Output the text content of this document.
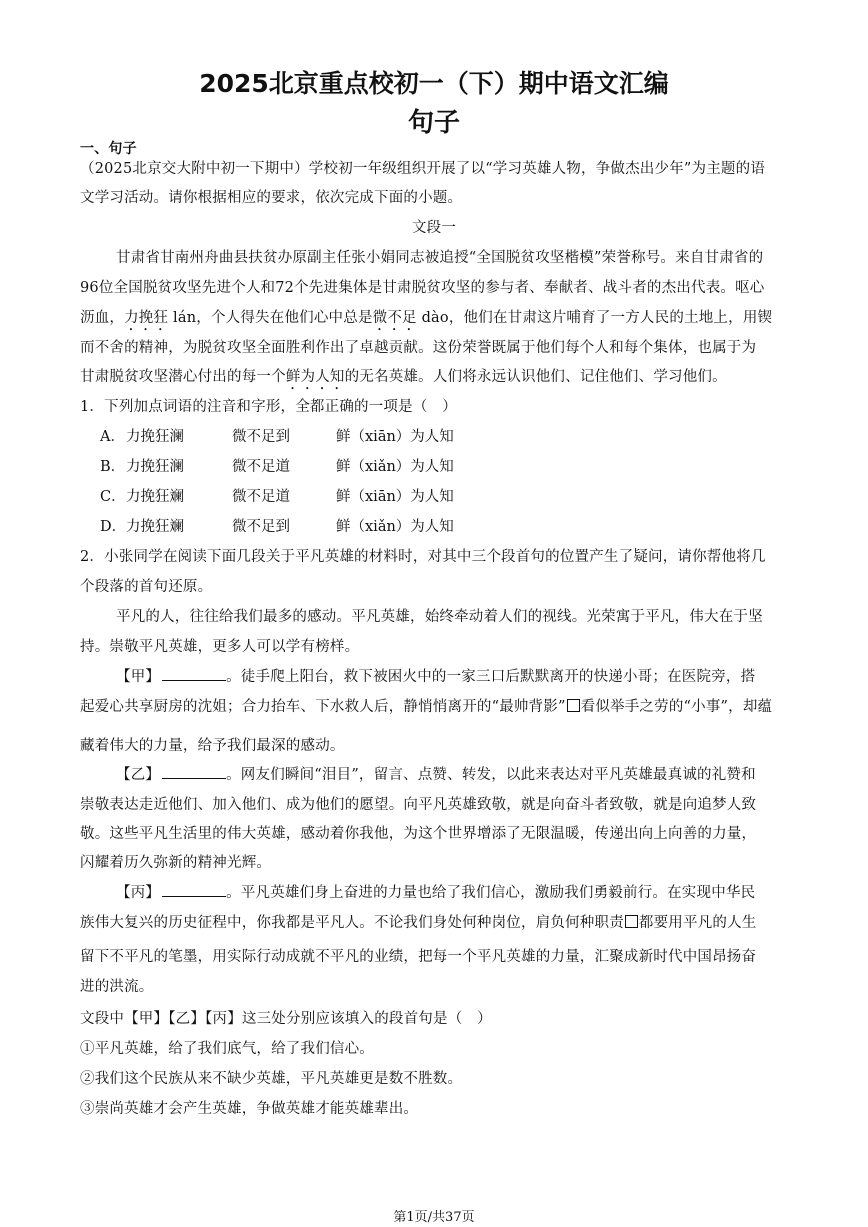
2025北京重点校初一（下）期中语文汇编
句子
一、句子
（2025北京交大附中初一下期中）学校初一年级组织开展了以“学习英雄人物，争做杰出少年”为主题的语
文学习活动。请你根据相应的要求，依次完成下面的小题。
文段一
甘肃省甘南州舟曲县扶贫办原副主任张小娟同志被追授“全国脱贫攻坚楷模”荣誉称号。来自甘肃省的
96位全国脱贫攻坚先进个人和72个先进集体是甘肃脱贫攻坚的参与者、奉献者、战斗者的杰出代表。呕心
沥血，力挽狂 lán，个人得失在他们心中总是微不足 dào，他们在甘肃这片哺育了一方人民的土地上，用锲
而不舍的精神，为脱贫攻坚全面胜利作出了卓越贡献。这份荣誉既属于他们每个人和每个集体，也属于为
甘肃脱贫攻坚潜心付出的每一个鲜为人知的无名英雄。人们将永远认识他们、记住他们、学习他们。
1．下列加点词语的注音和字形，全都正确的一项是（　）
A． 力挽狂澜	微不足到	鲜（xiān）为人知
B． 力挽狂澜	微不足道	鲜（xiǎn）为人知
C． 力挽狂斓	微不足道	鲜（xiān）为人知
D． 力挽狂斓	微不足到	鲜（xiǎn）为人知
2．小张同学在阅读下面几段关于平凡英雄的材料时，对其中三个段首句的位置产生了疑问，请你帮他将几
个段落的首句还原。
平凡的人，往往给我们最多的感动。平凡英雄，始终牵动着人们的视线。光荣寓于平凡，伟大在于坚
持。崇敬平凡英雄，更多人可以学有榜样。
【甲】	。徒手爬上阳台，救下被困火中的一家三口后默默离开的快递小哥；在医院旁，搭
起爱心共享厨房的沈姐；合力抬车、下水救人后，静悄悄离开的“最帅背影” 看似举手之劳的“小事”，却蕴
藏着伟大的力量，给予我们最深的感动。
【乙】	。网友们瞬间“泪目”，留言、点赞、转发，以此来表达对平凡英雄最真诚的礼赞和
崇敬表达走近他们、加入他们、成为他们的愿望。向平凡英雄致敬，就是向奋斗者致敬，就是向追梦人致
敬。这些平凡生活里的伟大英雄，感动着你我他，为这个世界增添了无限温暖，传递出向上向善的力量，
闪耀着历久弥新的精神光辉。
【丙】	。平凡英雄们身上奋进的力量也给了我们信心，激励我们勇毅前行。在实现中华民
族伟大复兴的历史征程中，你我都是平凡人。不论我们身处何种岗位，肩负何种职责 都要用平凡的人生
留下不平凡的笔墨，用实际行动成就不平凡的业绩，把每一个平凡英雄的力量，汇聚成新时代中国昂扬奋
进的洪流。
文段中【甲】【乙】【丙】这三处分别应该填入的段首句是（　）
①平凡英雄，给了我们底气，给了我们信心。
②我们这个民族从来不缺少英雄，平凡英雄更是数不胜数。
③崇尚英雄才会产生英雄，争做英雄才能英雄辈出。
第1页/共37页
